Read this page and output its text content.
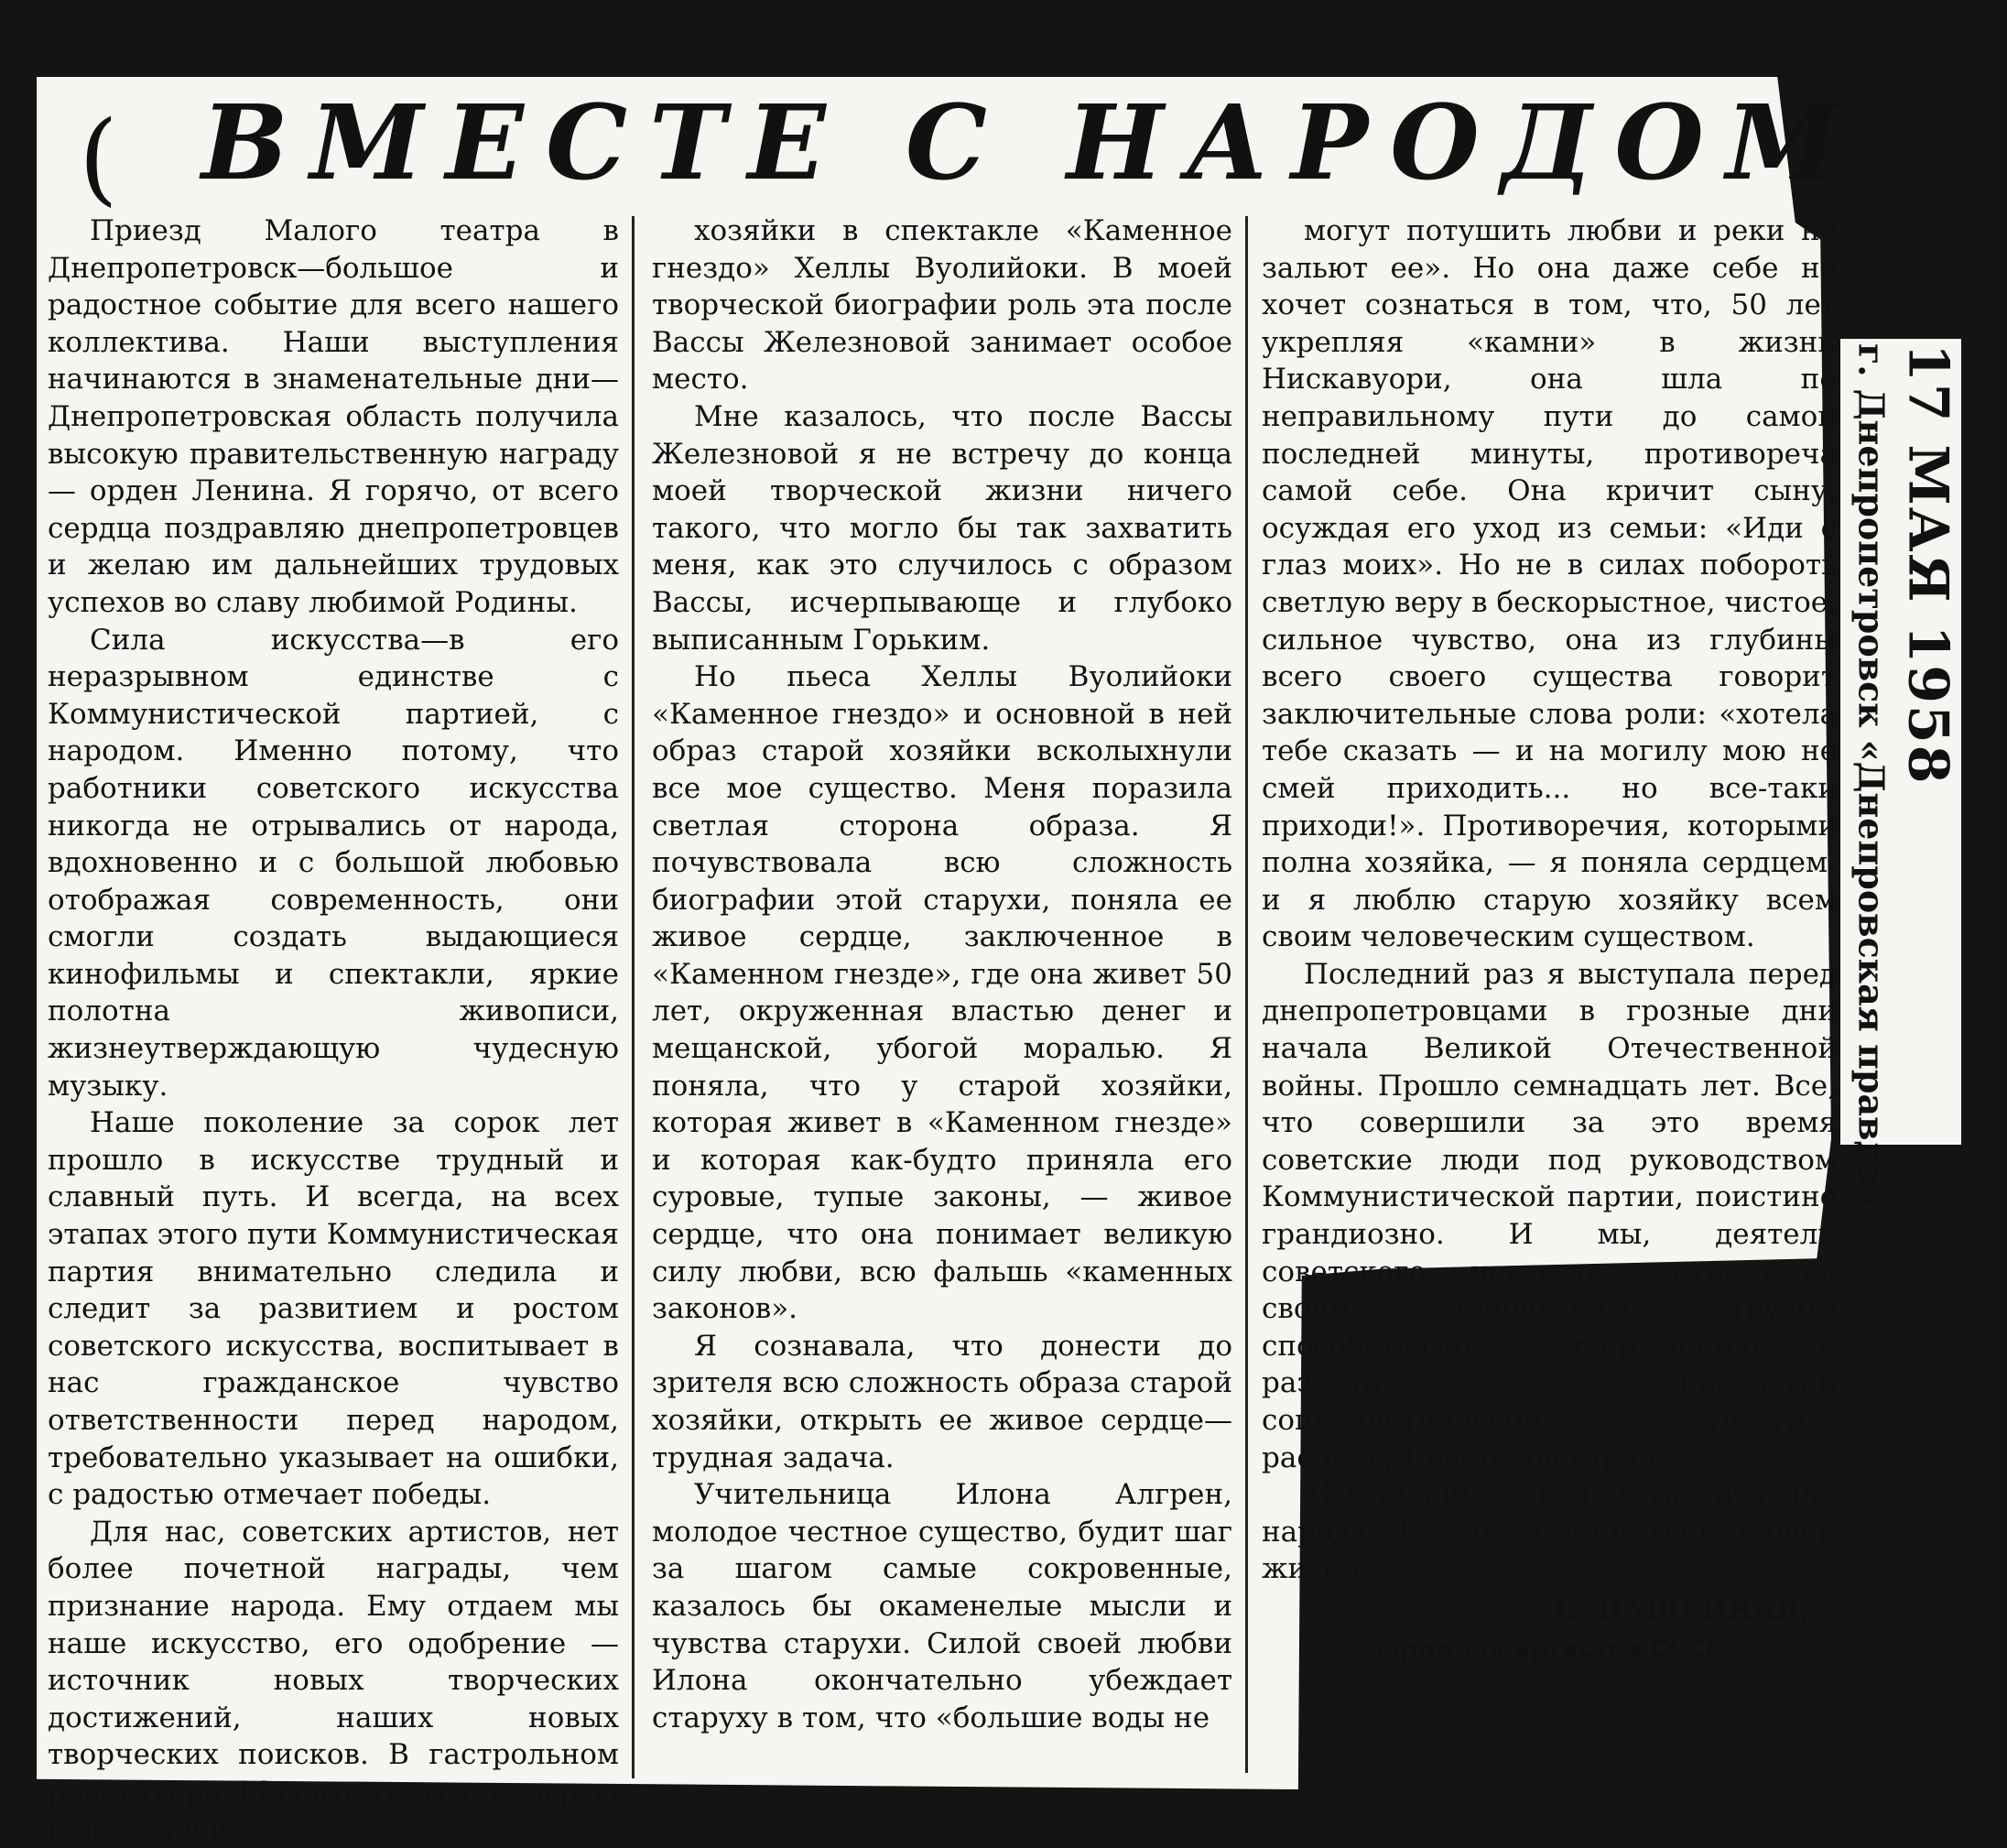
17 МАЯ 1958
г. Днепропетровск «Днепровская правда»
( ВМЕСТЕ С НАРОДОМ

Приезд Малого театра в Днепропетровск—большое и радостное событие для всего нашего коллектива. Наши выступления начинаются в знаменательные дни—Днепропетровская область получила высокую правительственную награду — орден Ленина. Я горячо, от всего сердца поздравляю днепропетровцев и желаю им дальнейших трудовых успехов во славу любимой Родины.

Сила искусства—в его неразрывном единстве с Коммунистической партией, с народом. Именно потому, что работники советского искусства никогда не отрывались от народа, вдохновенно и с большой любовью отображая современность, они смогли создать выдающиеся кинофильмы и спектакли, яркие полотна живописи, жизнеутверждающую чудесную музыку.

Наше поколение за сорок лет прошло в искусстве трудный и славный путь. И всегда, на всех этапах этого пути Коммунистическая партия внимательно следила и следит за развитием и ростом советского искусства, воспитывает в нас гражданское чувство ответственности перед народом, требовательно указывает на ошибки, с радостью отмечает победы.

Для нас, советских артистов, нет более почетной награды, чем признание народа. Ему отдаем мы наше искусство, его одобрение — источник новых творческих достижений, наших новых творческих поисков. В гастрольном репертуаре Малого театра я играю роль старой

хозяйки в спектакле «Каменное гнездо» Хеллы Вуолийоки. В моей творческой биографии роль эта после Вассы Железновой занимает особое место.

Мне казалось, что после Вассы Железновой я не встречу до конца моей творческой жизни ничего такого, что могло бы так захватить меня, как это случилось с образом Вассы, исчерпывающе и глубоко выписанным Горьким.

Но пьеса Хеллы Вуолийоки «Каменное гнездо» и основной в ней образ старой хозяйки всколыхнули все мое существо. Меня поразила светлая сторона образа. Я почувствовала всю сложность биографии этой старухи, поняла ее живое сердце, заключенное в «Каменном гнезде», где она живет 50 лет, окруженная властью денег и мещанской, убогой моралью. Я поняла, что у старой хозяйки, которая живет в «Каменном гнезде» и которая как-будто приняла его суровые, тупые законы, — живое сердце, что она понимает великую силу любви, всю фальшь «каменных законов».

Я сознавала, что донести до зрителя всю сложность образа старой хозяйки, открыть ее живое сердце— трудная задача.

Учительница Илона Алгрен, молодое честное существо, будит шаг за шагом самые сокровенные, казалось бы окаменелые мысли и чувства старухи. Силой своей любви Илона окончательно убеждает старуху в том, что «большие воды не

могут потушить любви и реки не зальют ее». Но она даже себе не хочет сознаться в том, что, 50 лет укрепляя «камни» в жизни Нискавуори, она шла по неправильному пути до самой последней минуты, противореча самой себе. Она кричит сыну, осуждая его уход из семьи: «Иди с глаз моих». Но не в силах побороть светлую веру в бескорыстное, чистое, сильное чувство, она из глубины всего своего существа говорит заключительные слова роли: «хотела тебе сказать — и на могилу мою не смей приходить... но все-таки приходи!». Противоречия, которыми полна хозяйка, — я поняла сердцем, и я люблю старую хозяйку всем своим человеческим существом.

Последний раз я выступала перед днепропетровцами в грозные дни начала Великой Отечественной войны. Прошло семнадцать лет. Все, что совершили за это время советские люди под руководством Коммунистической партии, поистине грандиозно. И мы, деятели советского искусства, стремимся своим творческим трудом способствовать утверждению и развитию передовой социалистической культуры, расцвету Советской страны.

Мы творим и будем творить для народа. В этом смысл всей нашей жизни.

В. ПАШЕННАЯ,
народная артистка СССР.
